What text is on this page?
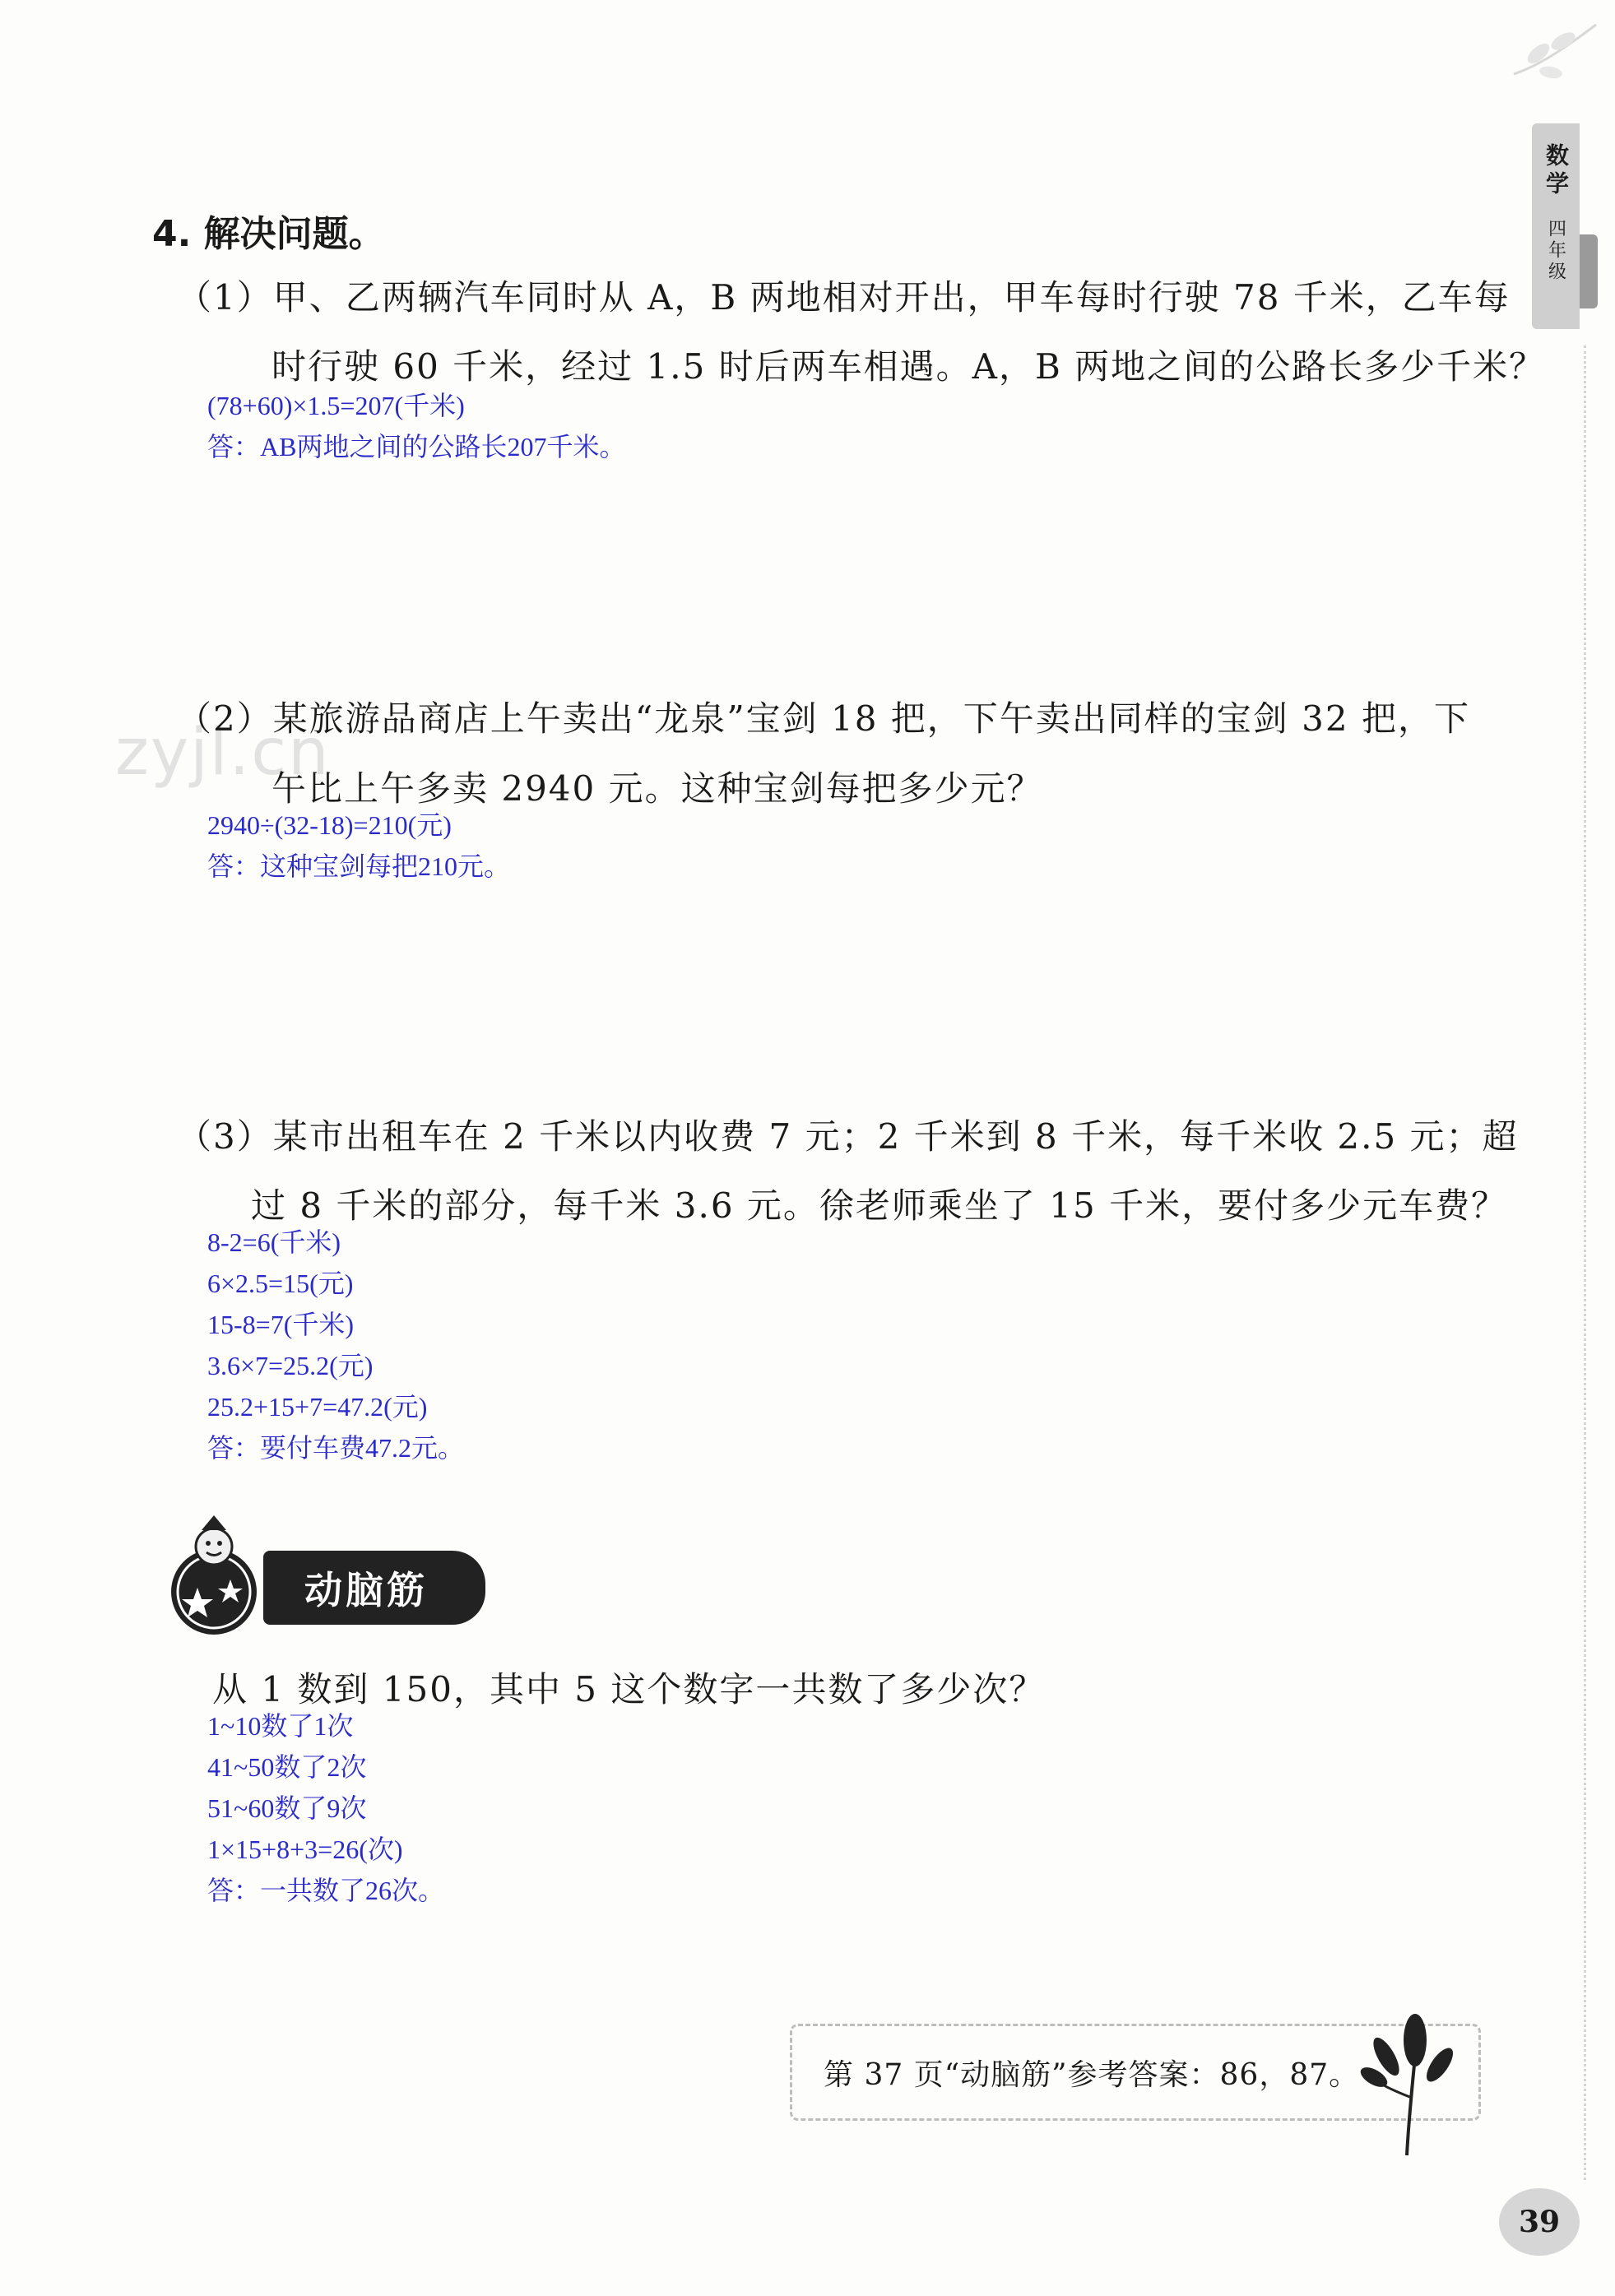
数学
四年级
zyjl.cn
4. 解决问题。
（1）甲、乙两辆汽车同时从 A，B 两地相对开出，甲车每时行驶 78 千米，乙车每
时行驶 60 千米，经过 1.5 时后两车相遇。A，B 两地之间的公路长多少千米？
(78+60)×1.5=207(千米)
答：AB两地之间的公路长207千米。
（2）某旅游品商店上午卖出“龙泉”宝剑 18 把，下午卖出同样的宝剑 32 把，下
午比上午多卖 2940 元。这种宝剑每把多少元？
2940÷(32-18)=210(元)
答：这种宝剑每把210元。
（3）某市出租车在 2 千米以内收费 7 元；2 千米到 8 千米，每千米收 2.5 元；超
过 8 千米的部分，每千米 3.6 元。徐老师乘坐了 15 千米，要付多少元车费？
8-2=6(千米)
6×2.5=15(元)
15-8=7(千米)
3.6×7=25.2(元)
25.2+15+7=47.2(元)
答：要付车费47.2元。
动脑筋
从 1 数到 150，其中 5 这个数字一共数了多少次？
1~10数了1次
41~50数了2次
51~60数了9次
1×15+8+3=26(次)
答：一共数了26次。
第 37 页“动脑筋”参考答案：86，87。
39
